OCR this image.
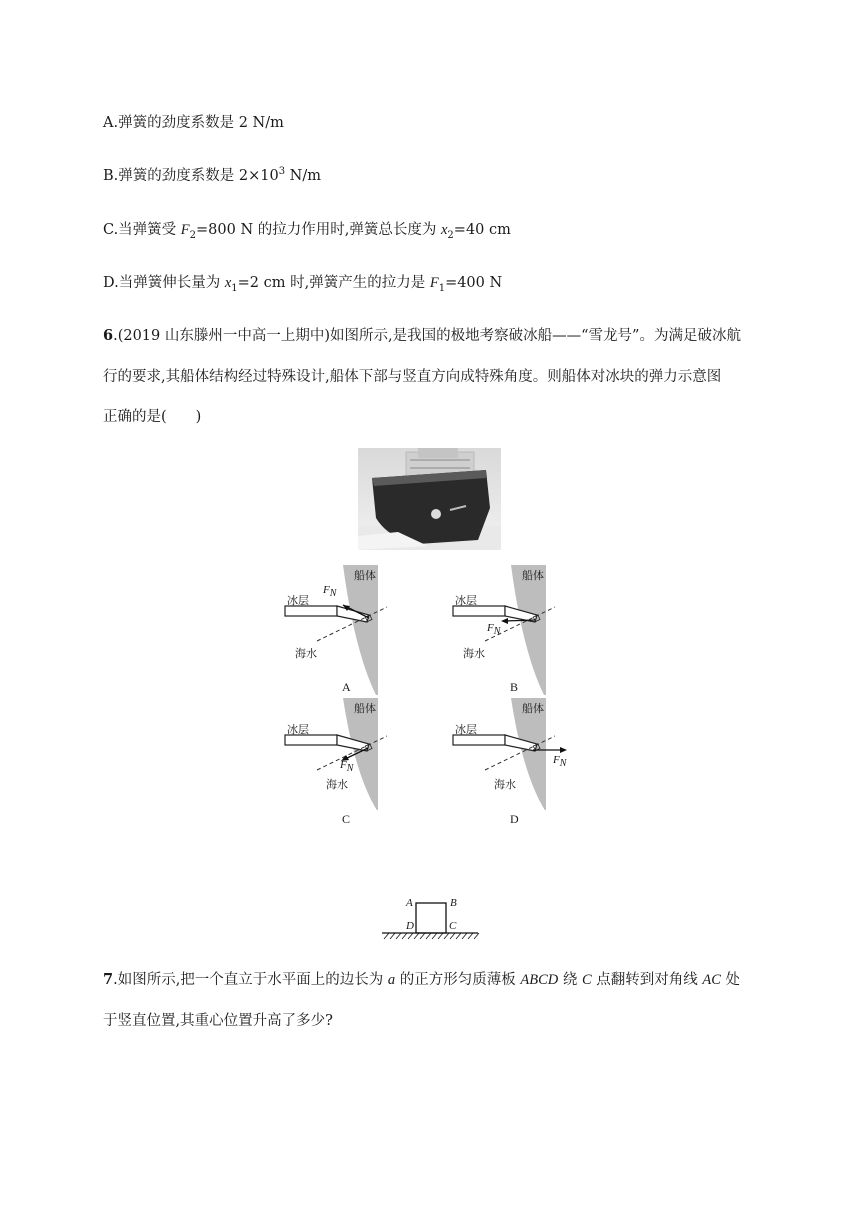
A.弹簧的劲度系数是 2 N/m
B.弹簧的劲度系数是 $2\times 10^3$ N/m
C.当弹簧受 $F_2=800$ N 的拉力作用时,弹簧总长度为 $x_2=40$ cm
D.当弹簧伸长量为 $x_1=2$ cm 时,弹簧产生的拉力是 $F_1=400$ N
6.(2019 山东滕州一中高一上期中)如图所示,是我国的极地考察破冰船——“雪龙号”。为满足破冰航
行的要求,其船体结构经过特殊设计,船体下部与竖直方向成特殊角度。则船体对冰块的弹力示意图
正确的是(　　)
船体
冰层
海水
$F_N$
A
船体
冰层
海水
$F_N$
B
船体
冰层
海水
$F_N$
C
船体
冰层
海水
$F_N$
D
A	B
D	C
7.如图所示,把一个直立于水平面上的边长为 a 的正方形匀质薄板 ABCD 绕 C 点翻转到对角线 AC 处
于竖直位置,其重心位置升高了多少?
